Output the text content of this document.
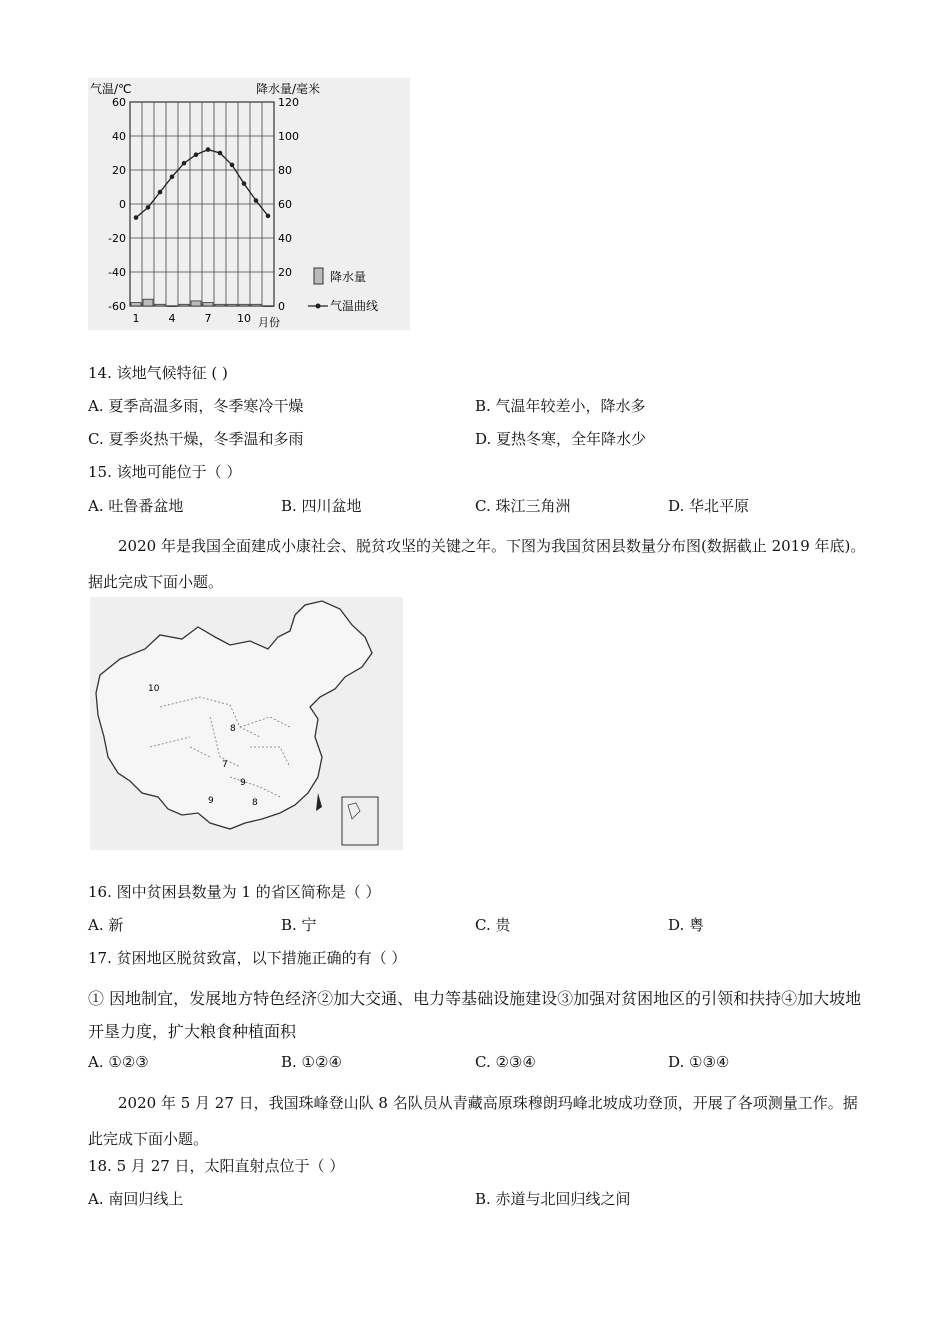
气温/℃	降水量/毫米
60
40
20
0
-20
-40
-60
120
100
80
60
40
20
0
1	4	7 10 月份
降水量
气温曲线
14. 该地气候特征 ( )
A. 夏季高温多雨，冬季寒冷干燥	B. 气温年较差小，降水多
C. 夏季炎热干燥，冬季温和多雨	D. 夏热冬寒，全年降水少
15. 该地可能位于（ ）
A. 吐鲁番盆地	B. 四川盆地	C. 珠江三角洲	D. 华北平原
2020 年是我国全面建成小康社会、脱贫攻坚的关键之年。下图为我国贫困县数量分布图(数据截止 2019 年底)。据此完成下面小题。
10
8
7
9
9	8
16. 图中贫困县数量为 1 的省区简称是（ ）
A. 新	B. 宁	C. 贵	D. 粤
17. 贫困地区脱贫致富，以下措施正确的有（ ）
① 因地制宜，发展地方特色经济②加大交通、电力等基础设施建设③加强对贫困地区的引领和扶持④加大坡地开垦力度，扩大粮食种植面积
A. ①②③	B. ①②④	C. ②③④	D. ①③④
2020 年 5 月 27 日，我国珠峰登山队 8 名队员从青藏高原珠穆朗玛峰北坡成功登顶，开展了各项测量工作。据此完成下面小题。
18. 5 月 27 日，太阳直射点位于（ ）
A. 南回归线上	B. 赤道与北回归线之间
